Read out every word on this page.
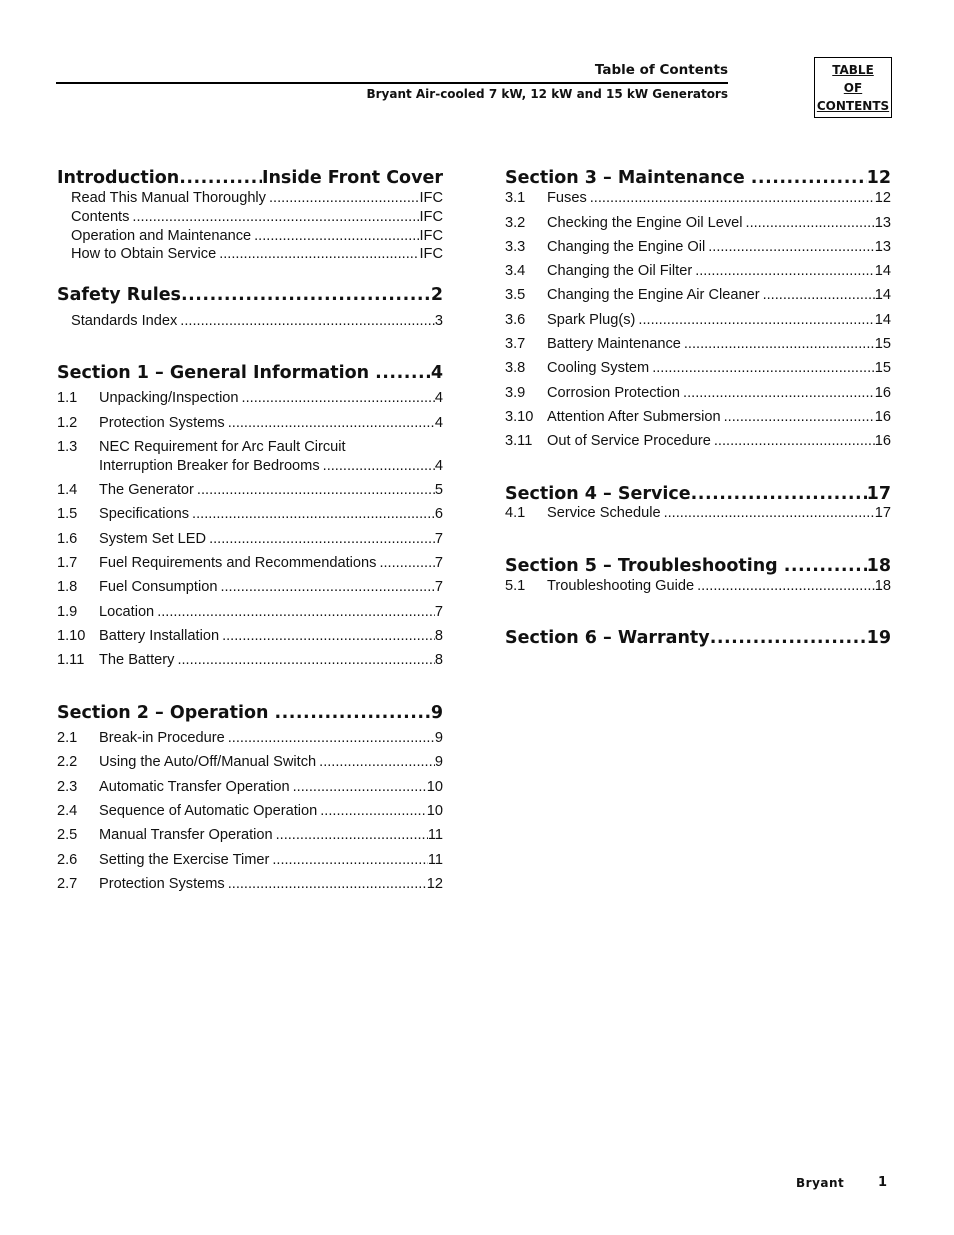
Table of Contents
Bryant Air-cooled 7 kW, 12 kW and 15 kW Generators
TABLE
OF
CONTENTS
Introduction .....	Inside Front Cover
Read This Manual Thoroughly .....	IFC
Contents .....	IFC
Operation and Maintenance .....	IFC
How to Obtain Service .....	IFC
Safety Rules .....	2
Standards Index .....	3
Section 1 – General Information .....	4
1.1	Unpacking/Inspection .....	4
1.2	Protection Systems .....	4
1.3	NEC Requirement for Arc Fault Circuit
Interruption Breaker for Bedrooms .....	4
1.4	The Generator .....	5
1.5	Specifications .....	6
1.6	System Set LED .....	7
1.7	Fuel Requirements and Recommendations .....	7
1.8	Fuel Consumption .....	7
1.9	Location .....	7
1.10 Battery Installation .....	8
1.11	The Battery .....	8
Section 2 – Operation .....	9
2.1	Break-in Procedure .....	9
2.2	Using the Auto/Off/Manual Switch .....	9
2.3	Automatic Transfer Operation .....	10
2.4	Sequence of Automatic Operation .....	10
2.5	Manual Transfer Operation .....	11
2.6	Setting the Exercise Timer .....	11
2.7	Protection Systems .....	12
Section 3 – Maintenance .....	12
3.1	Fuses .....	12
3.2	Checking the Engine Oil Level .....	13
3.3	Changing the Engine Oil .....	13
3.4	Changing the Oil Filter .....	14
3.5	Changing the Engine Air Cleaner .....	14
3.6	Spark Plug(s) .....	14
3.7	Battery Maintenance .....	15
3.8	Cooling System .....	15
3.9	Corrosion Protection .....	16
3.10 Attention After Submersion .....	16
3.11	Out of Service Procedure .....	16
Section 4 – Service .....	17
4.1	Service Schedule .....	17
Section 5 – Troubleshooting .....	18
5.1	Troubleshooting Guide .....	18
Section 6 – Warranty .....	19
Bryant	1
